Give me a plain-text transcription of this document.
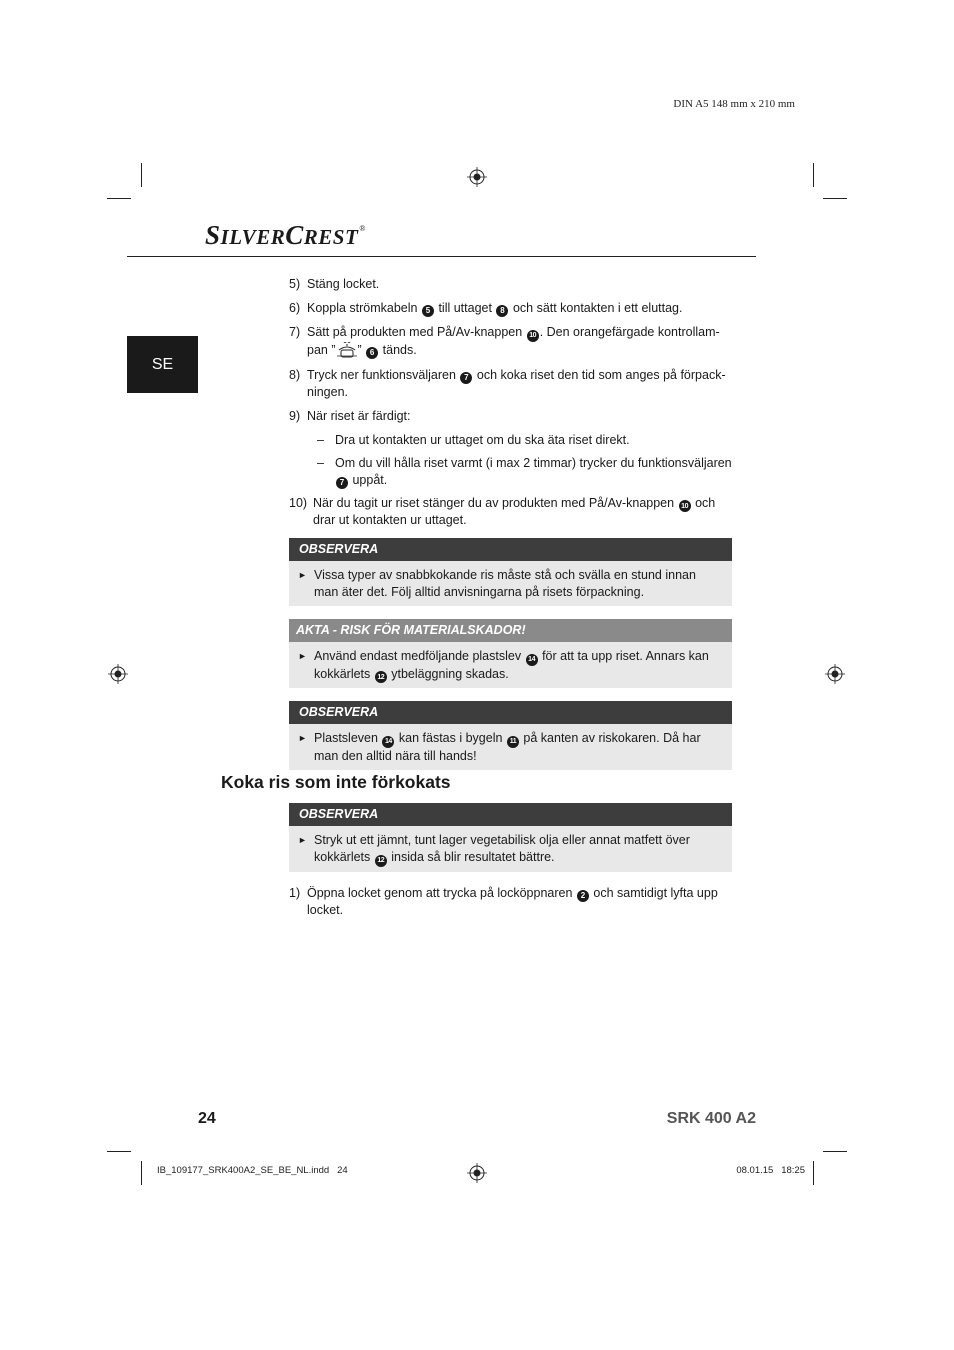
DIN A5 148 mm x 210 mm
SILVERCREST®
SE
5) Stäng locket.
6) Koppla strömkabeln 5 till uttaget 8 och sätt kontakten i ett eluttag.
7) Sätt på produkten med På/Av-knappen 10 . Den orangefärgade kontrollam-pan ” ” 6 tänds.
8) Tryck ner funktionsväljaren 7 och koka riset den tid som anges på förpack-ningen.
9) När riset är färdigt:
– Dra ut kontakten ur uttaget om du ska äta riset direkt.
– Om du vill hålla riset varmt (i max 2 timmar) trycker du funktionsväljaren 7 uppåt.
10) När du tagit ur riset stänger du av produkten med På/Av-knappen 10 och drar ut kontakten ur uttaget.
OBSERVERA
► Vissa typer av snabbkokande ris måste stå och svälla en stund innan man äter det. Följ alltid anvisningarna på risets förpackning.
AKTA - RISK FÖR MATERIALSKADOR!
► Använd endast medföljande plastslev 14 för att ta upp riset. Annars kan kokkärlets 12 ytbeläggning skadas.
OBSERVERA
► Plastsleven 14 kan fästas i bygeln 11 på kanten av riskokaren. Då har man den alltid nära till hands!
Koka ris som inte förkokats
OBSERVERA
► Stryk ut ett jämnt, tunt lager vegetabilisk olja eller annat matfett över kokkärlets 12 insida så blir resultatet bättre.
1) Öppna locket genom att trycka på locköppnaren 2 och samtidigt lyfta upp locket.
24	SRK 400 A2
IB_109177_SRK400A2_SE_BE_NL.indd   24	08.01.15   18:25
